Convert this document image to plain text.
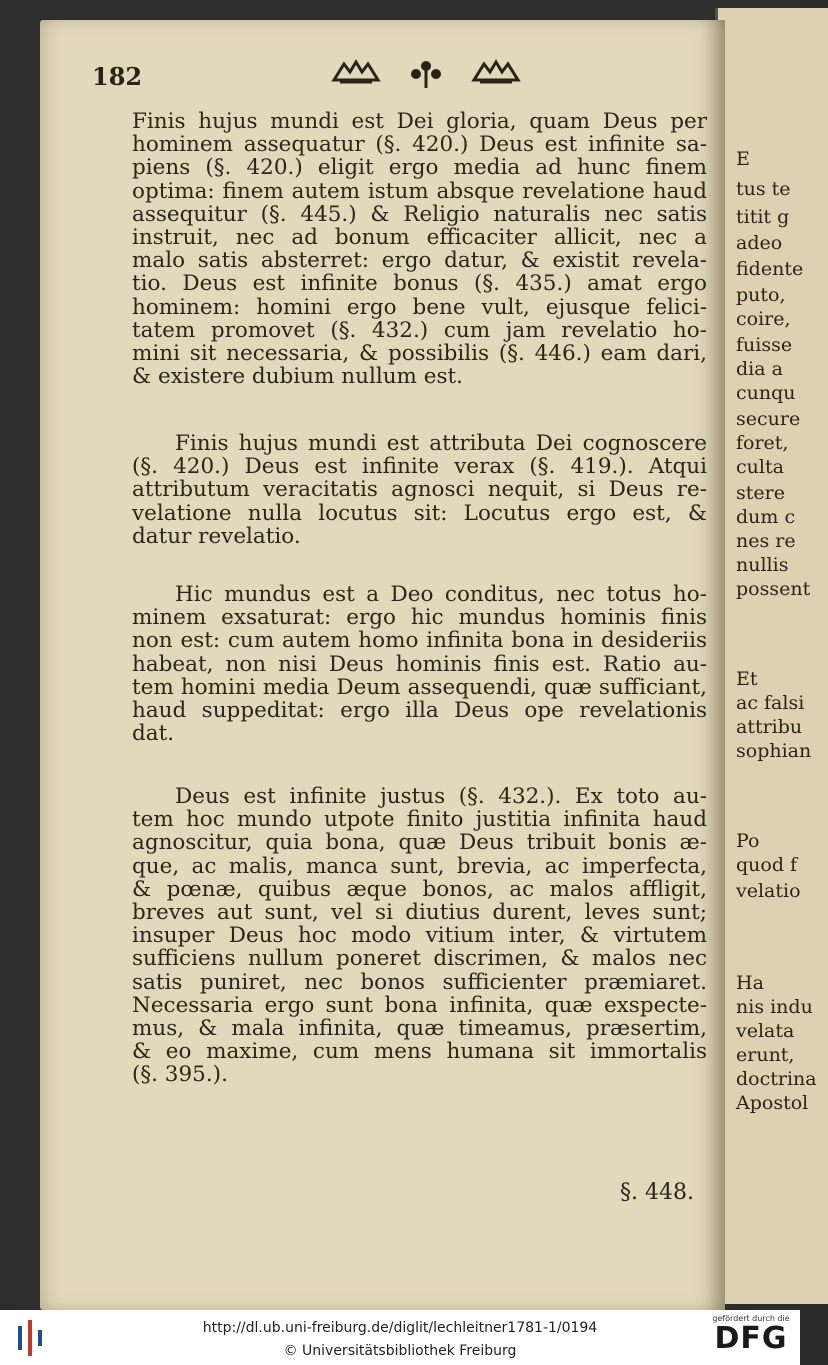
E
tus te
titit g
adeo
fidente
puto,
coire,
fuisse
dia a
cunqu
secure
foret,
culta
stere
dum c
nes re
nullis
possent
Et
ac falsi
attribu
sophian
Po
quod f
velatio
Ha
nis indu
velata
erunt,
doctrina
Apostol
182
Finis hujus mundi est Dei gloria, quam Deus per
hominem assequatur (§. 420.) Deus est infinite sa-
piens (§. 420.) eligit ergo media ad hunc finem
optima: finem autem istum absque revelatione haud
assequitur (§. 445.) & Religio naturalis nec satis
instruit, nec ad bonum efficaciter allicit, nec a
malo satis absterret: ergo datur, & existit revela-
tio. Deus est infinite bonus (§. 435.) amat ergo
hominem: homini ergo bene vult, ejusque felici-
tatem promovet (§. 432.) cum jam revelatio ho-
mini sit necessaria, & possibilis (§. 446.) eam dari,
& existere dubium nullum est.
  Finis hujus mundi est attributa Dei cognoscere
(§. 420.) Deus est infinite verax (§. 419.). Atqui
attributum veracitatis agnosci nequit, si Deus re-
velatione nulla locutus sit: Locutus ergo est, &
datur revelatio.
  Hic mundus est a Deo conditus, nec totus ho-
minem exsaturat: ergo hic mundus hominis finis
non est: cum autem homo infinita bona in desideriis
habeat, non nisi Deus hominis finis est. Ratio au-
tem homini media Deum assequendi, quæ sufficiant,
haud suppeditat: ergo illa Deus ope revelationis
dat.
  Deus est infinite justus (§. 432.). Ex toto au-
tem hoc mundo utpote finito justitia infinita haud
agnoscitur, quia bona, quæ Deus tribuit bonis æ-
que, ac malis, manca sunt, brevia, ac imperfecta,
& pœnæ, quibus æque bonos, ac malos affligit,
breves aut sunt, vel si diutius durent, leves sunt;
insuper Deus hoc modo vitium inter, & virtutem
sufficiens nullum poneret discrimen, & malos nec
satis puniret, nec bonos sufficienter præmiaret.
Necessaria ergo sunt bona infinita, quæ exspecte-
mus, & mala infinita, quæ timeamus, præsertim,
& eo maxime, cum mens humana sit immortalis
(§. 395.).
§. 448.
http://dl.ub.uni-freiburg.de/diglit/lechleitner1781-1/0194
© Universitätsbibliothek Freiburg
gefördert durch die
DFG
